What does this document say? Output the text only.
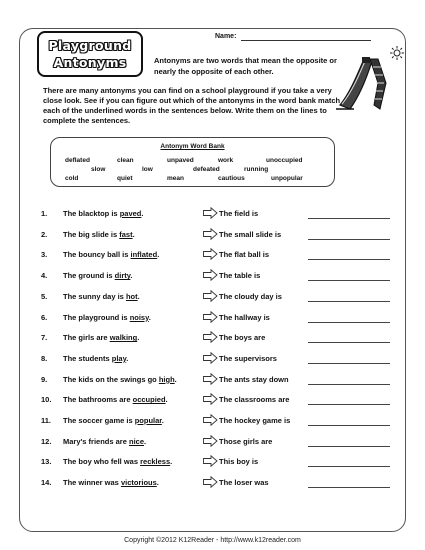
Playground
Antonyms
Name:
Antonyms are two words that mean the opposite or nearly the opposite of each other.
There are many antonyms you can find on a school playground if you take a very close look. See if you can figure out which of the antonyms in the word bank match each of the underlined words in the sentences below. Write them on the lines to complete the sentences.
Antonym Word Bank
deflated	clean	unpaved	work	unoccupied
slow	low	defeated	running
cold	quiet	mean	cautious	unpopular
1. The blacktop is paved.	The field is
2. The big slide is fast.	The small slide is
3. The bouncy ball is inflated.	The flat ball is
4. The ground is dirty.	The table is
5. The sunny day is hot.	The cloudy day is
6. The playground is noisy.	The hallway is
7. The girls are walking.	The boys are
8. The students play.	The supervisors
9. The kids on the swings go high.	The ants stay down
10. The bathrooms are occupied.	The classrooms are
11. The soccer game is popular.	The hockey game is
12. Mary's friends are nice.	Those girls are
13. The boy who fell was reckless.	This boy is
14. The winner was victorious.	The loser was
Copyright ©2012 K12Reader - http://www.k12reader.com
